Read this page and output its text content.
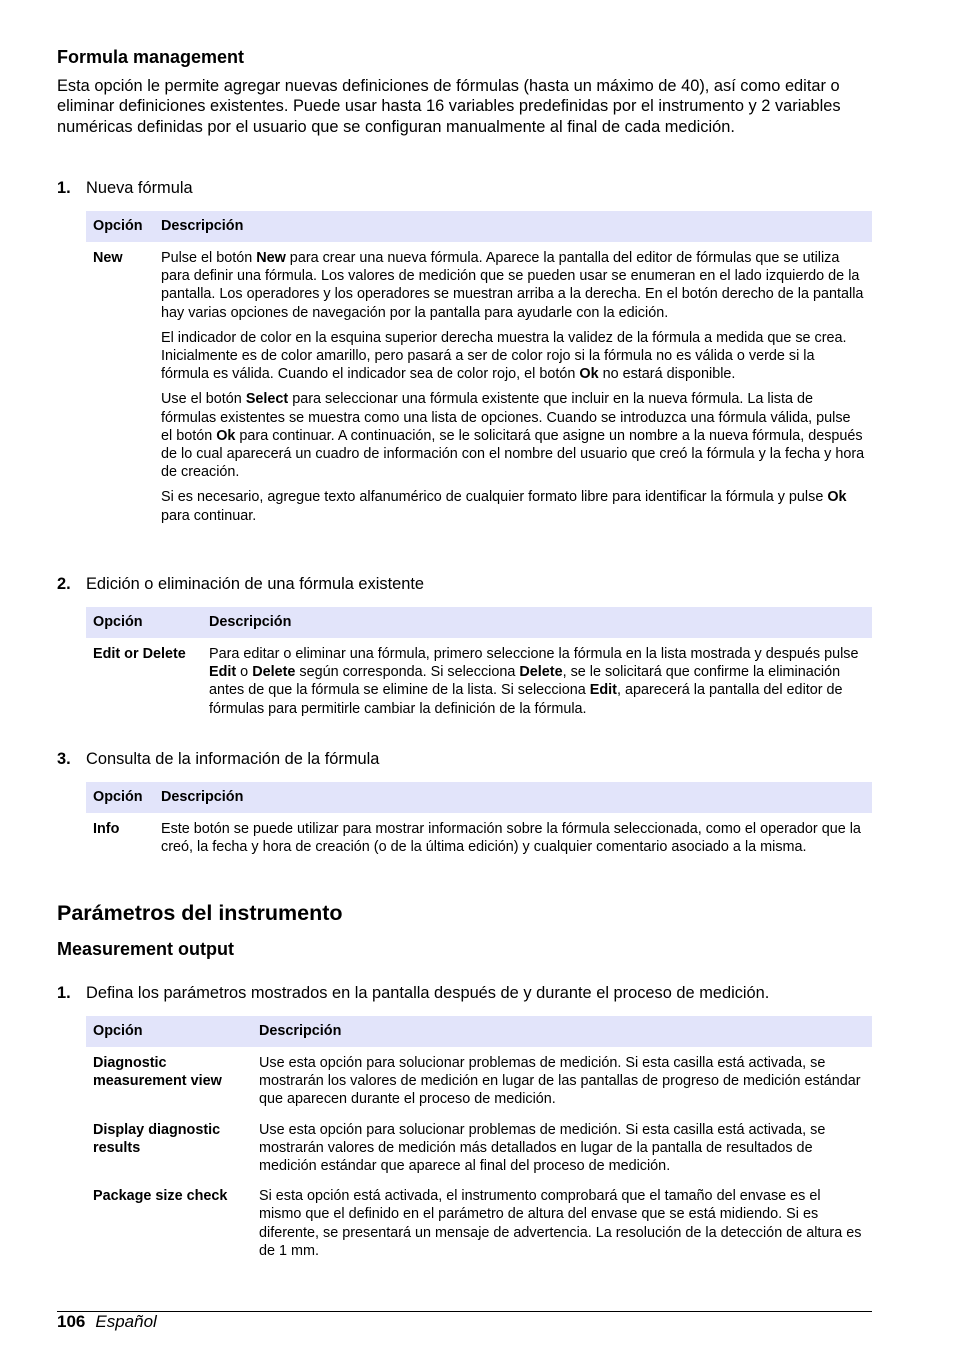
Formula management

Esta opción le permite agregar nuevas definiciones de fórmulas (hasta un máximo de 40), así como editar o eliminar definiciones existentes. Puede usar hasta 16 variables predefinidas por el instrumento y 2 variables numéricas definidas por el usuario que se configuran manualmente al final de cada medición.

1. Nueva fórmula
Opción	Descripción
New	Pulse el botón New para crear una nueva fórmula. Aparece la pantalla del editor de fórmulas que se utiliza para definir una fórmula. Los valores de medición que se pueden usar se enumeran en el lado izquierdo de la pantalla. Los operadores y los operadores se muestran arriba a la derecha. En el botón derecho de la pantalla hay varias opciones de navegación por la pantalla para ayudarle con la edición.

El indicador de color en la esquina superior derecha muestra la validez de la fórmula a medida que se crea. Inicialmente es de color amarillo, pero pasará a ser de color rojo si la fórmula no es válida o verde si la fórmula es válida. Cuando el indicador sea de color rojo, el botón Ok no estará disponible.

Use el botón Select para seleccionar una fórmula existente que incluir en la nueva fórmula. La lista de fórmulas existentes se muestra como una lista de opciones. Cuando se introduzca una fórmula válida, pulse el botón Ok para continuar. A continuación, se le solicitará que asigne un nombre a la nueva fórmula, después de lo cual aparecerá un cuadro de información con el nombre del usuario que creó la fórmula y la fecha y hora de creación.

Si es necesario, agregue texto alfanumérico de cualquier formato libre para identificar la fórmula y pulse Ok para continuar.

2. Edición o eliminación de una fórmula existente
Opción	Descripción
Edit or Delete	Para editar o eliminar una fórmula, primero seleccione la fórmula en la lista mostrada y después pulse Edit o Delete según corresponda. Si selecciona Delete, se le solicitará que confirme la eliminación antes de que la fórmula se elimine de la lista. Si selecciona Edit, aparecerá la pantalla del editor de fórmulas para permitirle cambiar la definición de la fórmula.

3. Consulta de la información de la fórmula
Opción	Descripción
Info	Este botón se puede utilizar para mostrar información sobre la fórmula seleccionada, como el operador que la creó, la fecha y hora de creación (o de la última edición) y cualquier comentario asociado a la misma.

Parámetros del instrumento
Measurement output
1. Defina los parámetros mostrados en la pantalla después de y durante el proceso de medición.
Opción	Descripción
Diagnostic measurement view	Use esta opción para solucionar problemas de medición. Si esta casilla está activada, se mostrarán los valores de medición en lugar de las pantallas de progreso de medición estándar que aparecen durante el proceso de medición.

Display diagnostic results	Use esta opción para solucionar problemas de medición. Si esta casilla está activada, se mostrarán valores de medición más detallados en lugar de la pantalla de resultados de medición estándar que aparece al final del proceso de medición.

Package size check	Si esta opción está activada, el instrumento comprobará que el tamaño del envase es el mismo que el definido en el parámetro de altura del envase que se está midiendo. Si es diferente, se presentará un mensaje de advertencia. La resolución de la detección de altura es de 1 mm.

106 Español
